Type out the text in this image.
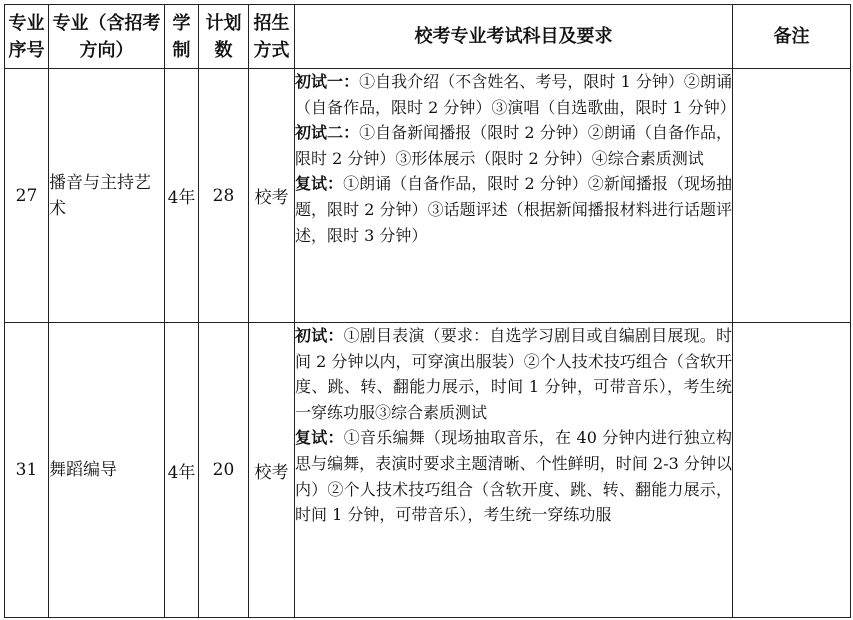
专业序号	专业（含招考方向）	学制	计划数	招生方式	校考专业考试科目及要求	备注
27	播音与主持艺术	4年	28	校考	初试一：①自我介绍（不含姓名、考号，限时 1 分钟）②朗诵（自备作品，限时 2 分钟）③演唱（自选歌曲，限时 1 分钟）
初试二：①自备新闻播报（限时 2 分钟）②朗诵（自备作品，限时 2 分钟）③形体展示（限时 2 分钟）④综合素质测试
复试：①朗诵（自备作品，限时 2 分钟）②新闻播报（现场抽题，限时 2 分钟）③话题评述（根据新闻播报材料进行话题评述，限时 3 分钟）	

31	舞蹈编导	4年	20	校考	初试：①剧目表演（要求：自选学习剧目或自编剧目展现。时间 2 分钟以内，可穿演出服装）②个人技术技巧组合（含软开度、跳、转、翻能力展示，时间 1 分钟，可带音乐），考生统一穿练功服③综合素质测试
复试：①音乐编舞（现场抽取音乐，在 40 分钟内进行独立构思与编舞，表演时要求主题清晰、个性鲜明，时间 2-3 分钟以内）②个人技术技巧组合（含软开度、跳、转、翻能力展示，时间 1 分钟，可带音乐），考生统一穿练功服	
